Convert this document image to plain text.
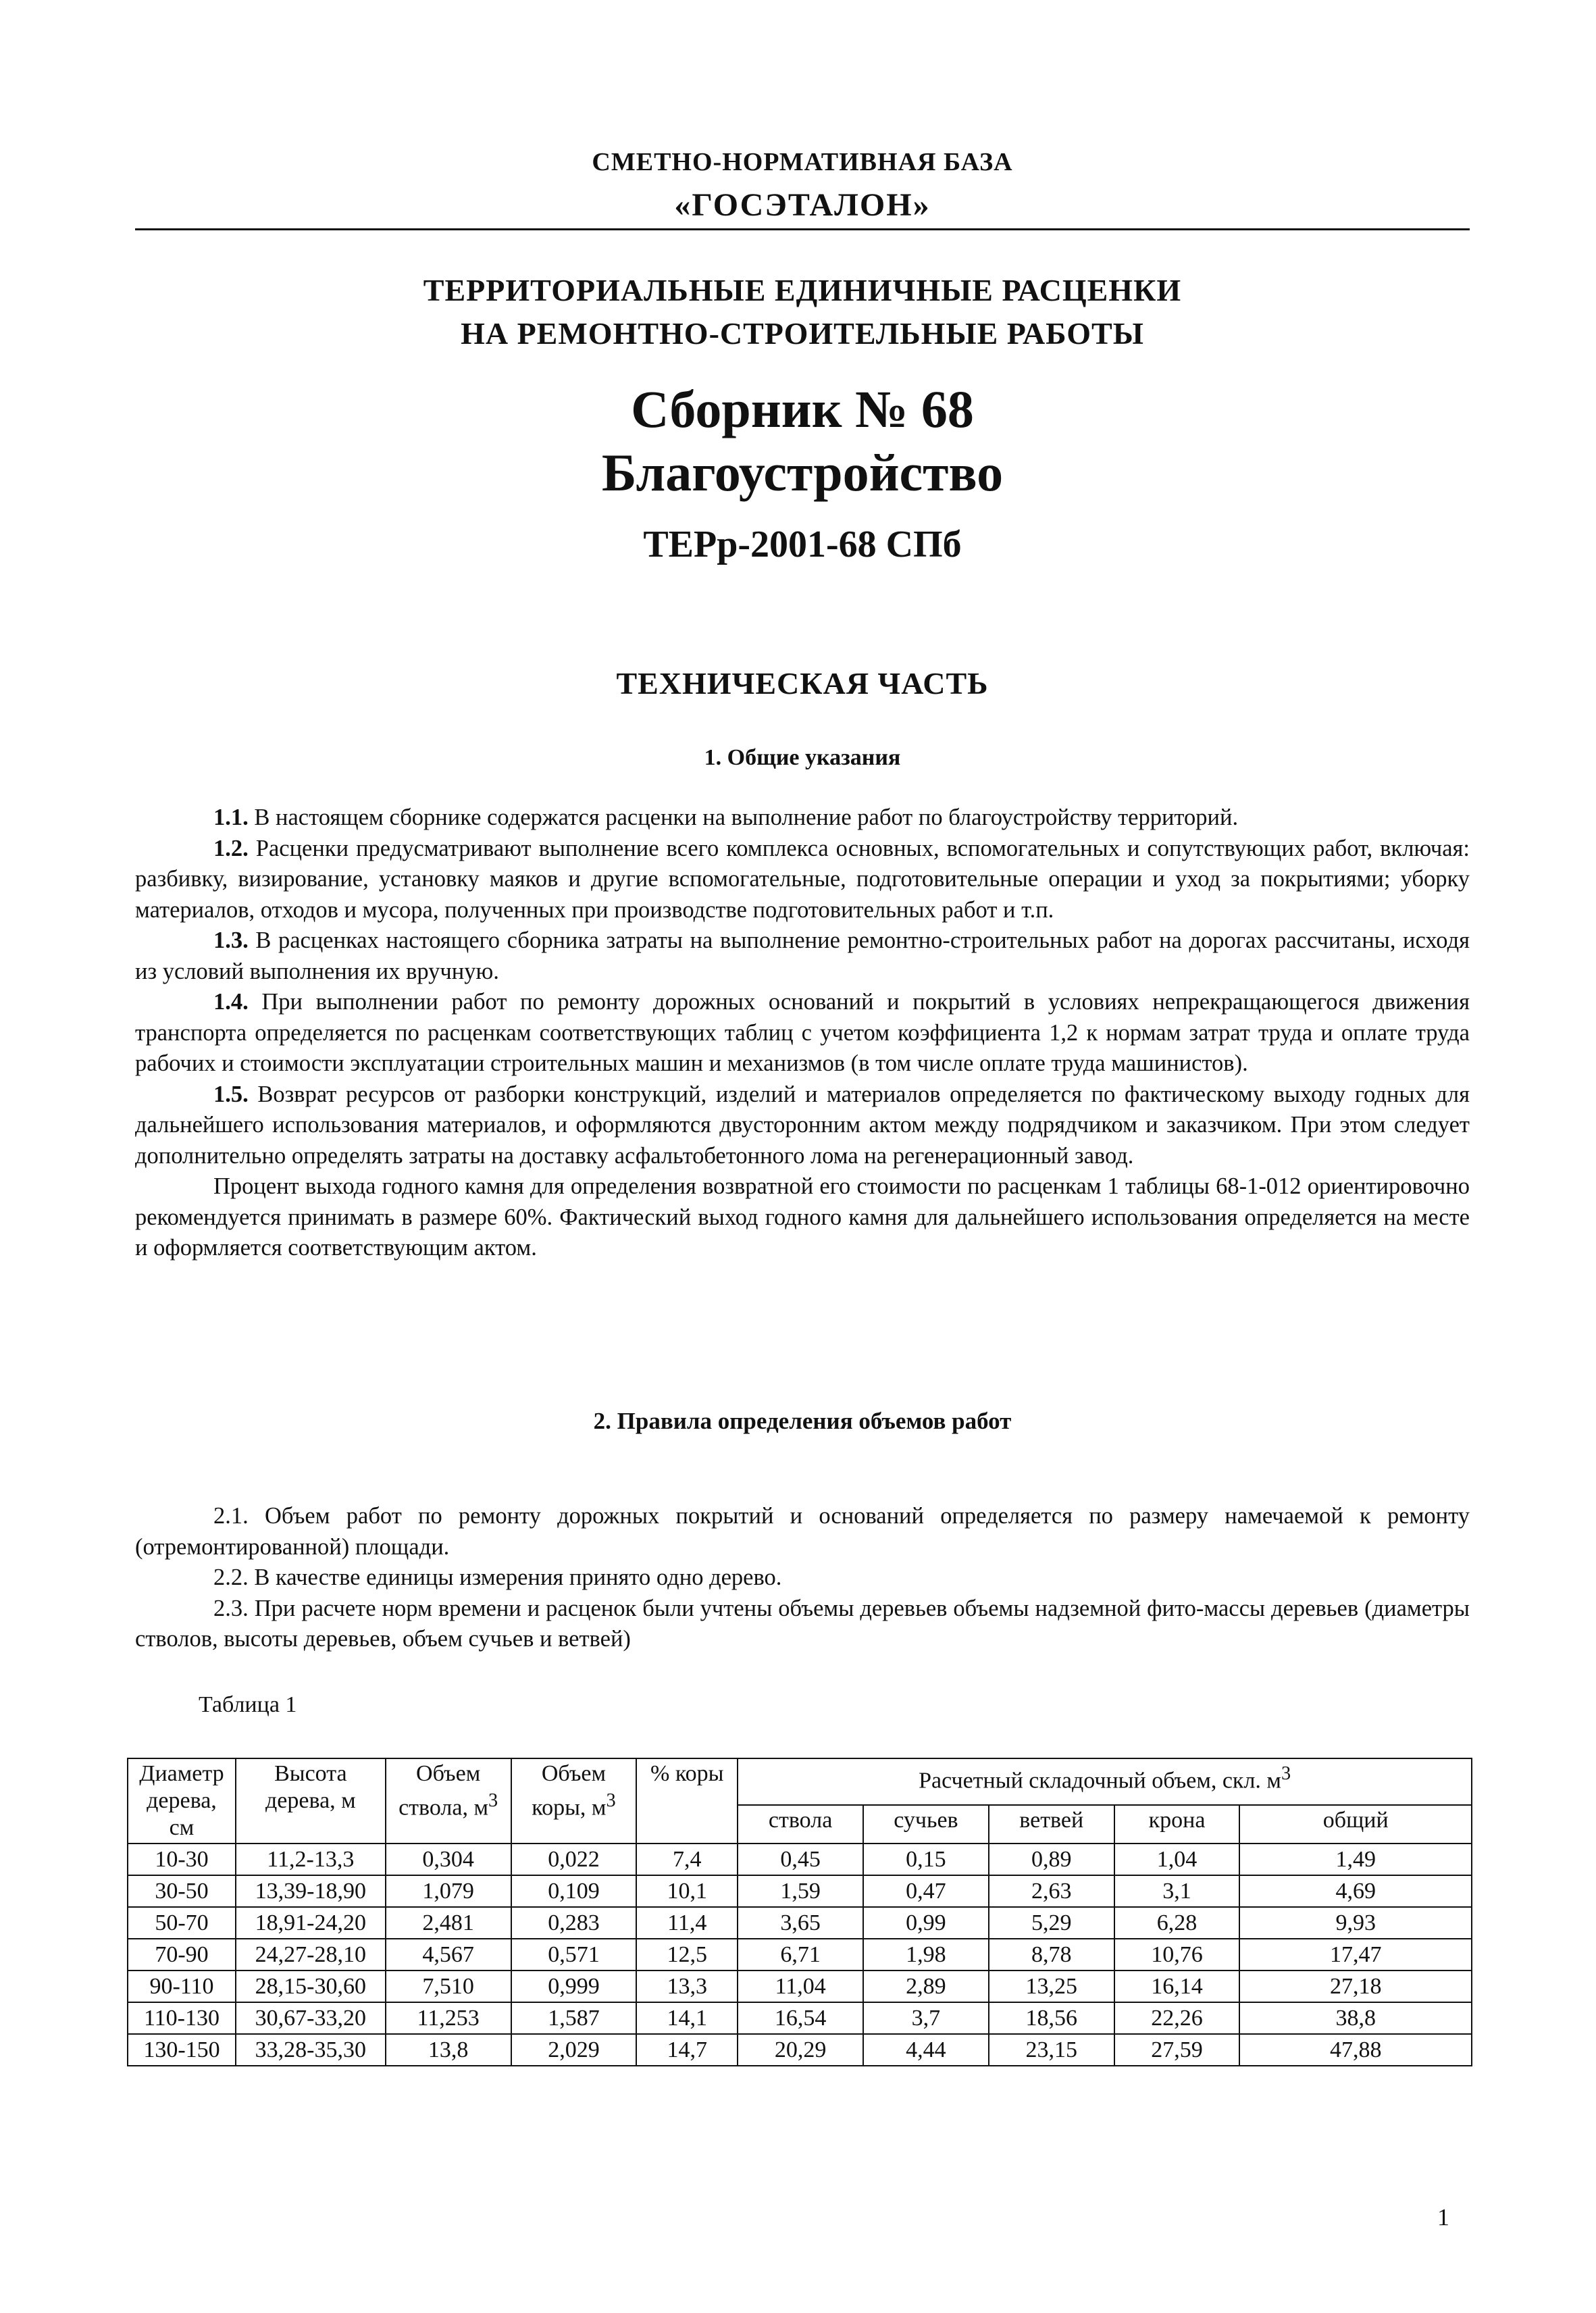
СМЕТНО-НОРМАТИВНАЯ БАЗА
«ГОСЭТАЛОН»
ТЕРРИТОРИАЛЬНЫЕ ЕДИНИЧНЫЕ РАСЦЕНКИ
НА РЕМОНТНО-СТРОИТЕЛЬНЫЕ РАБОТЫ
Сборник № 68
Благоустройство
ТЕРр-2001-68 СПб
ТЕХНИЧЕСКАЯ ЧАСТЬ
1. Общие указания

1.1. В настоящем сборнике содержатся расценки на выполнение работ по благоустройству территорий.

1.2. Расценки предусматривают выполнение всего комплекса основных, вспомогательных и сопутствующих работ, включая: разбивку, визирование, установку маяков и другие вспомогательные, подготовительные операции и уход за покрытиями; уборку материалов, отходов и мусора, полученных при производстве подготовительных работ и т.п.

1.3. В расценках настоящего сборника затраты на выполнение ремонтно-строительных работ на дорогах рассчитаны, исходя из условий выполнения их вручную.

1.4. При выполнении работ по ремонту дорожных оснований и покрытий в условиях непрекращающегося движения транспорта определяется по расценкам соответствующих таблиц с учетом коэффициента 1,2 к нормам затрат труда и оплате труда рабочих и стоимости эксплуатации строительных машин и механизмов (в том числе оплате труда машинистов).

1.5. Возврат ресурсов от разборки конструкций, изделий и материалов определяется по фактическому выходу годных для дальнейшего использования материалов, и оформляются двусторонним актом между подрядчиком и заказчиком. При этом следует дополнительно определять затраты на доставку асфальтобетонного лома на регенерационный завод.

Процент выхода годного камня для определения возвратной его стоимости по расценкам 1 таблицы 68-1-012 ориентировочно рекомендуется принимать в размере 60%. Фактический выход годного камня для дальнейшего использования определяется на месте и оформляется соответствующим актом.

2. Правила определения объемов работ

2.1. Объем работ по ремонту дорожных покрытий и оснований определяется по размеру намечаемой к ремонту (отремонтированной) площади.

2.2. В качестве единицы измерения принято одно дерево.

2.3. При расчете норм времени и расценок были учтены объемы деревьев объемы надземной фито-массы деревьев (диаметры стволов, высоты деревьев, объем сучьев и ветвей)

Таблица 1
Диаметр дерева, см	Высота дерева, м	Объем ствола, $м^3$	Объем коры, $м^3$	% коры	Расчетный складочный объем, скл. $м^3$
					ствола	сучьев	ветвей	крона	общий
10-30	11,2-13,3	0,304	0,022	7,4	0,45	0,15	0,89	1,04	1,49
30-50	13,39-18,90	1,079	0,109	10,1	1,59	0,47	2,63	3,1	4,69
50-70	18,91-24,20	2,481	0,283	11,4	3,65	0,99	5,29	6,28	9,93
70-90	24,27-28,10	4,567	0,571	12,5	6,71	1,98	8,78	10,76	17,47
90-110	28,15-30,60	7,510	0,999	13,3	11,04	2,89	13,25	16,14	27,18
110-130	30,67-33,20	11,253	1,587	14,1	16,54	3,7	18,56	22,26	38,8
130-150	33,28-35,30	13,8	2,029	14,7	20,29	4,44	23,15	27,59	47,88
1
